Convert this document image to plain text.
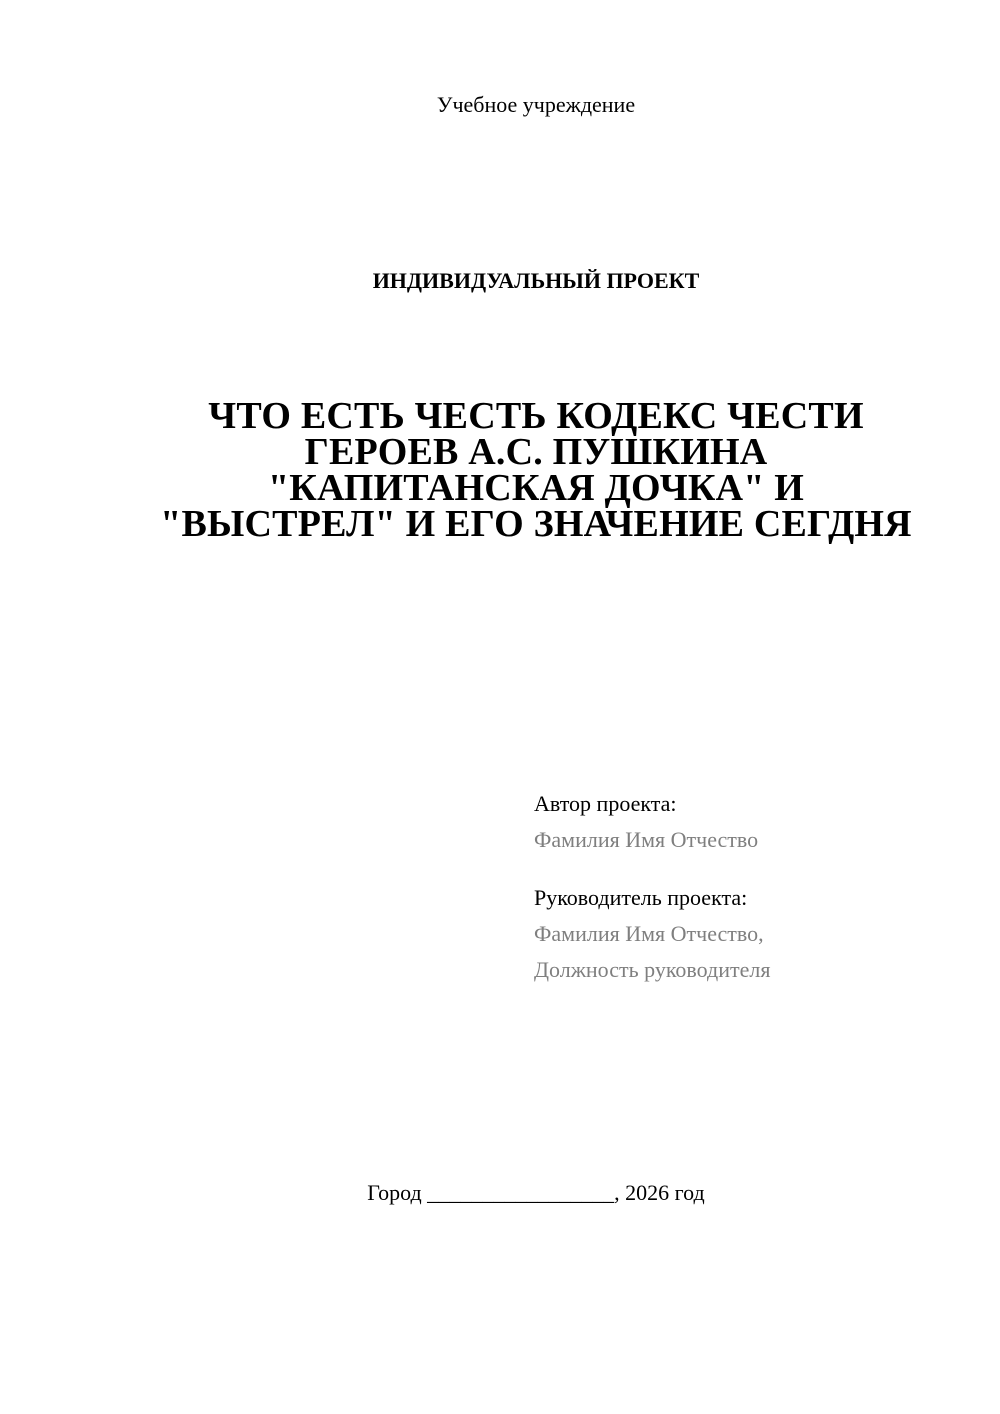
Учебное учреждение
ИНДИВИДУАЛЬНЫЙ ПРОЕКТ
ЧТО ЕСТЬ ЧЕСТЬ КОДЕКС ЧЕСТИ
ГЕРОЕВ А.С. ПУШКИНА
"КАПИТАНСКАЯ ДОЧКА" И
"ВЫСТРЕЛ" И ЕГО ЗНАЧЕНИЕ СЕГДНЯ
Автор проекта:
Фамилия Имя Отчество
Руководитель проекта:
Фамилия Имя Отчество,
Должность руководителя
Город _________________, 2026 год
